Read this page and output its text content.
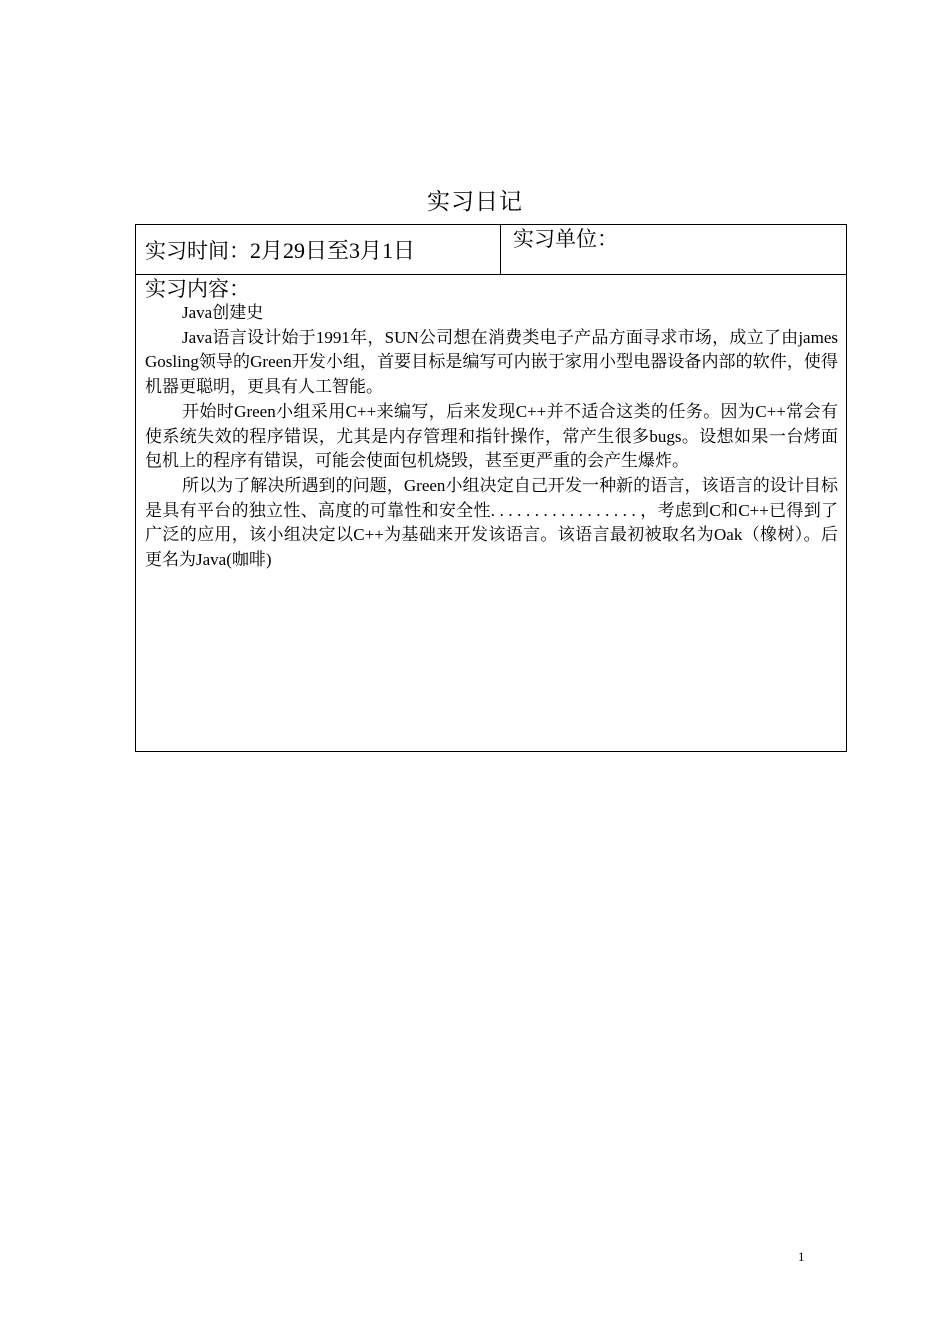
实习日记
实习时间：2月29日至3月1日	实习单位：
实习内容：

Java创建史

Java语言设计始于1991年，SUN公司想在消费类电子产品方面寻求市场，成立了由james Gosling领导的Green开发小组，首要目标是编写可内嵌于家用小型电器设备内部的软件，使得机器更聪明，更具有人工智能。

开始时Green小组采用C++来编写，后来发现C++并不适合这类的任务。因为C++常会有使系统失效的程序错误，尤其是内存管理和指针操作，常产生很多bugs。设想如果一台烤面包机上的程序有错误，可能会使面包机烧毁，甚至更严重的会产生爆炸。

所以为了解决所遇到的问题，Green小组决定自己开发一种新的语言，该语言的设计目标是具有平台的独立性、高度的可靠性和安全性. . . . . . . . . . . . . . . . . ，考虑到C和C++已得到了广泛的应用，该小组决定以C++为基础来开发该语言。该语言最初被取名为Oak（橡树）。后更名为Java(咖啡)

1
